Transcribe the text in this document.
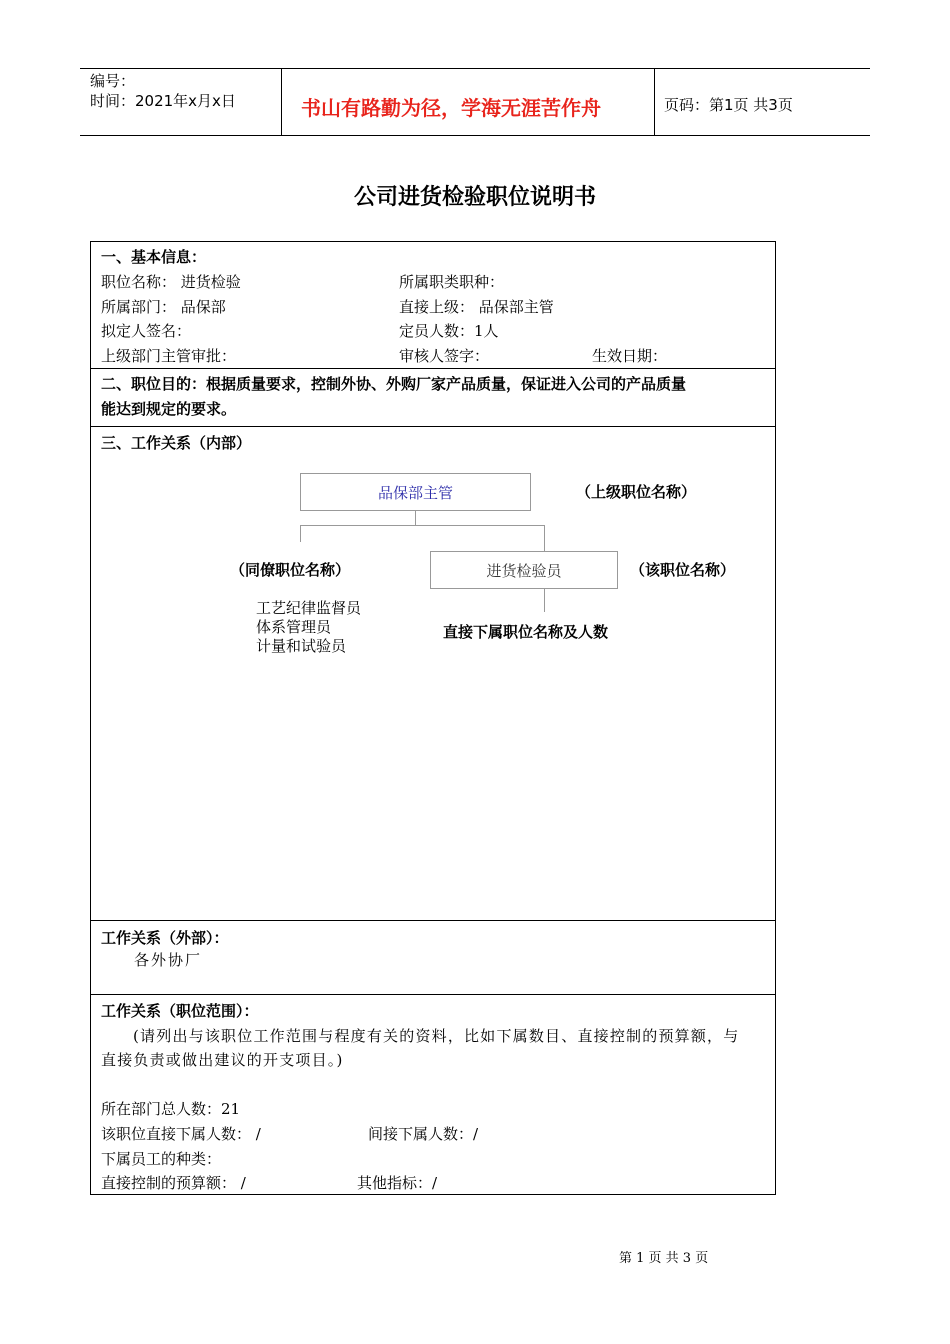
编号：
时间：2021年x月x日	书山有路勤为径，学海无涯苦作舟	页码：第1页 共3页
公司进货检验职位说明书
一、基本信息：
职位名称： 进货检验	所属职类职种：
所属部门： 品保部	直接上级： 品保部主管
拟定人签名：	定员人数：1人
上级部门主管审批：	审核人签字：	生效日期：
二、职位目的：根据质量要求，控制外协、外购厂家产品质量，保证进入公司的产品质量
能达到规定的要求。
三、工作关系（内部）
品保部主管	（上级职位名称）
（同僚职位名称）	进货检验员	（该职位名称）
工艺纪律监督员
体系管理员
计量和试验员
直接下属职位名称及人数
工作关系（外部）：
各外协厂
工作关系（职位范围）：
(请列出与该职位工作范围与程度有关的资料，比如下属数目、直接控制的预算额，与
直接负责或做出建议的开支项目。)
所在部门总人数：21
该职位直接下属人数： /	间接下属人数：/
下属员工的种类：
直接控制的预算额： /	其他指标：/
第 1 页 共 3 页
